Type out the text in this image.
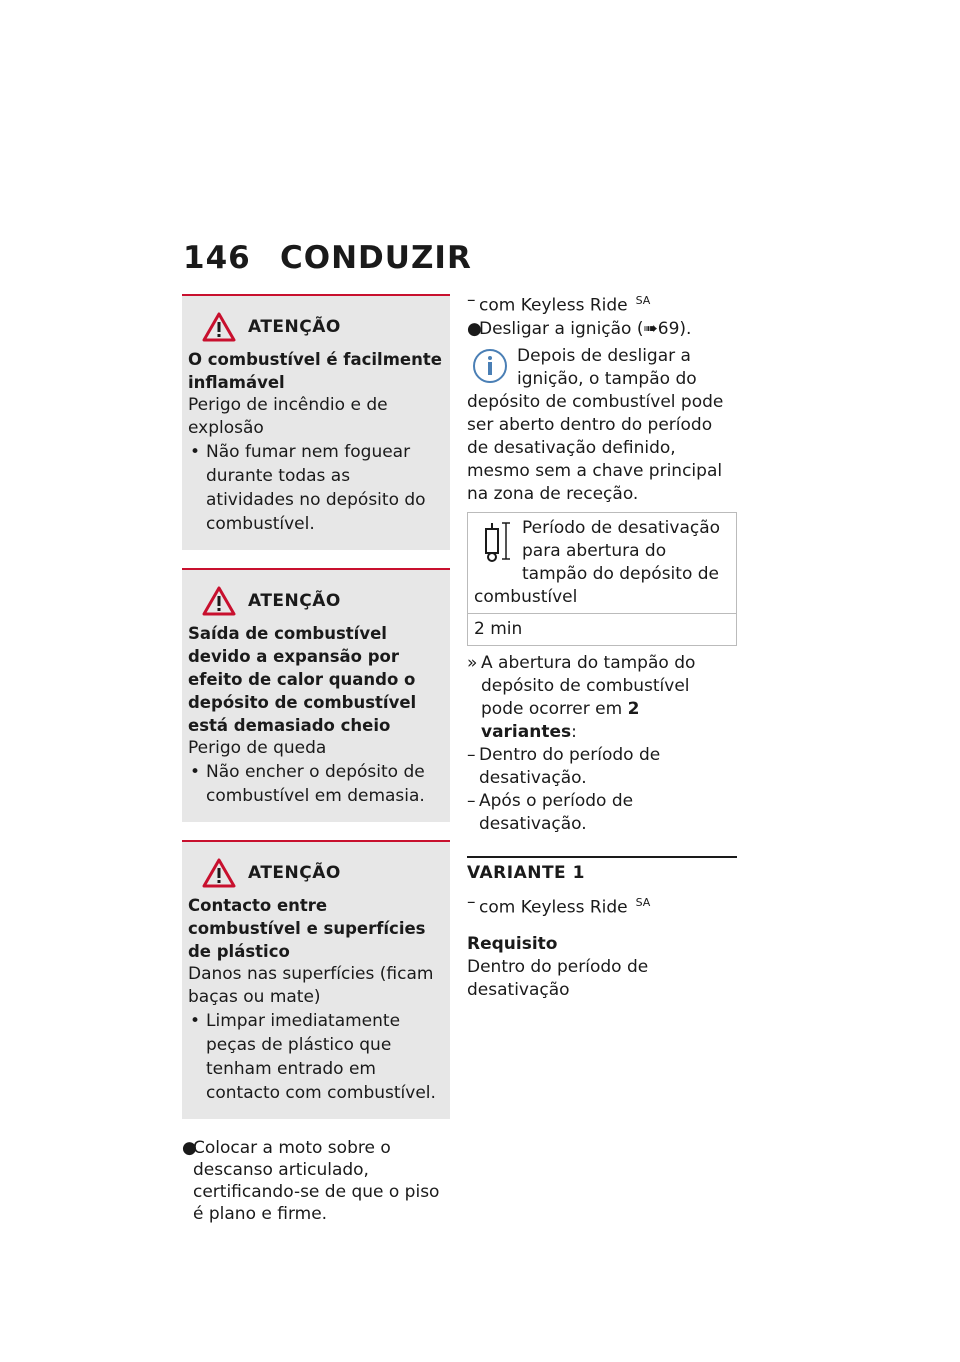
146 CONDUZIR
ATENÇÃO
O combustível é facilmente inflamável
Perigo de incêndio e de explosão
• Não fumar nem foguear durante todas as atividades no depósito do combustível.
ATENÇÃO
Saída de combustível devido a expansão por efeito de calor quando o depósito de combustível está demasiado cheio
Perigo de queda
• Não encher o depósito de combustível em demasia.
ATENÇÃO
Contacto entre combustível e superfícies de plástico
Danos nas superfícies (ficam baças ou mate)
• Limpar imediatamente peças de plástico que tenham entrado em contacto com combustível.
●
Colocar a moto sobre o descanso articulado, certificando-se de que o piso é plano e firme.
– com Keyless Ride $^{SA}$
●
Desligar a ignição (➠69).
Depois de desligar a ignição, o tampão do depósito de combustível pode ser aberto dentro do período de desativação definido, mesmo sem a chave principal na zona de receção.
Período de desativação para abertura do tampão do depósito de combustível
2 min
» A abertura do tampão do depósito de combustível pode ocorrer em 2 variantes:
– Dentro do período de desativação.
– Após o período de desativação.
VARIANTE 1
– com Keyless Ride $^{SA}$
Requisito
Dentro do período de desativação
